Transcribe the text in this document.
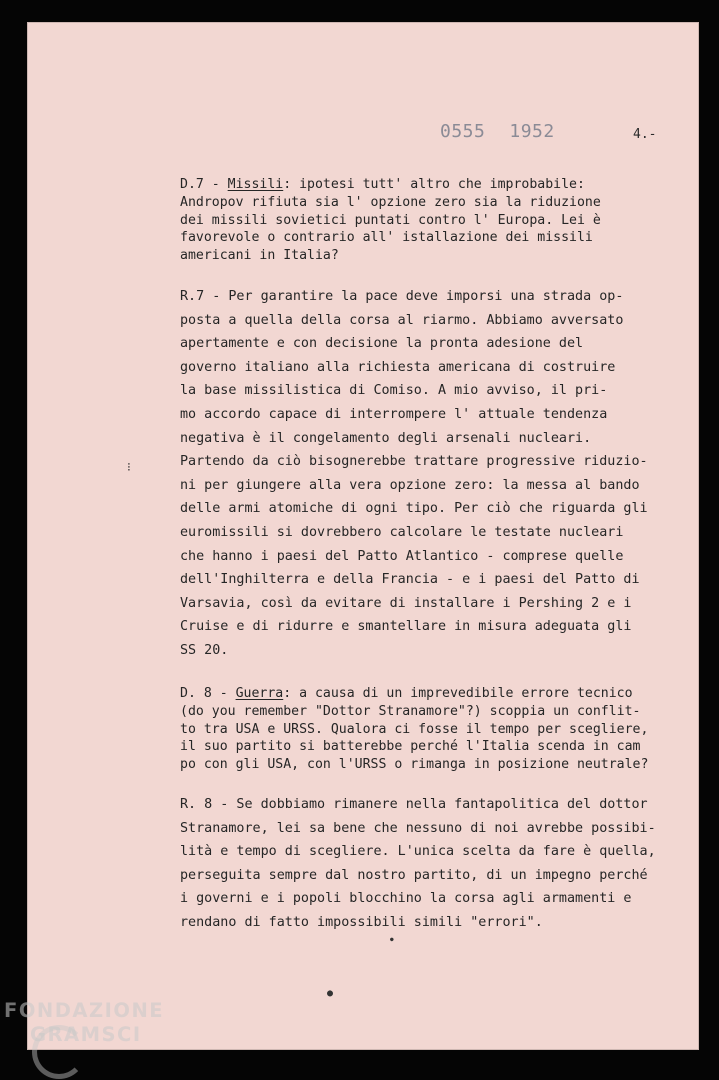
0555 1952	4.-
D.7 - Missili: ipotesi tutt' altro che improbabile:
Andropov rifiuta sia l' opzione zero sia la riduzione
dei missili sovietici puntati contro l' Europa. Lei è
favorevole o contrario all' istallazione dei missili
americani in Italia?
R.7 - Per garantire la pace deve imporsi una strada op-
posta a quella della corsa al riarmo. Abbiamo avversato
apertamente e con decisione la pronta adesione del
governo italiano alla richiesta americana di costruire
la base missilistica di Comiso. A mio avviso, il pri-
mo accordo capace di interrompere l' attuale tendenza
negativa è il congelamento degli arsenali nucleari.
Partendo da ciò bisognerebbe trattare progressive riduzio-
ni per giungere alla vera opzione zero: la messa al bando
delle armi atomiche di ogni tipo. Per ciò che riguarda gli
euromissili si dovrebbero calcolare le testate nucleari
che hanno i paesi del Patto Atlantico - comprese quelle
dell'Inghilterra e della Francia - e i paesi del Patto di
Varsavia, così da evitare di installare i Pershing 2 e i
Cruise e di ridurre e smantellare in misura adeguata gli
SS 20.
D. 8 - Guerra: a causa di un imprevedibile errore tecnico
(do you remember "Dottor Stranamore"?) scoppia un conflit-
to tra USA e URSS. Qualora ci fosse il tempo per scegliere,
il suo partito si batterebbe perché l'Italia scenda in cam
po con gli USA, con l'URSS o rimanga in posizione neutrale?
R. 8 - Se dobbiamo rimanere nella fantapolitica del dottor
Stranamore, lei sa bene che nessuno di noi avrebbe possibi-
lità e tempo di scegliere. L'unica scelta da fare è quella,
perseguita sempre dal nostro partito, di un impegno perché
i governi e i popoli blocchino la corsa agli armamenti e
rendano di fatto impossibili simili "errori".
⁝
●
●
FONDAZIONE
GRAMSCI
